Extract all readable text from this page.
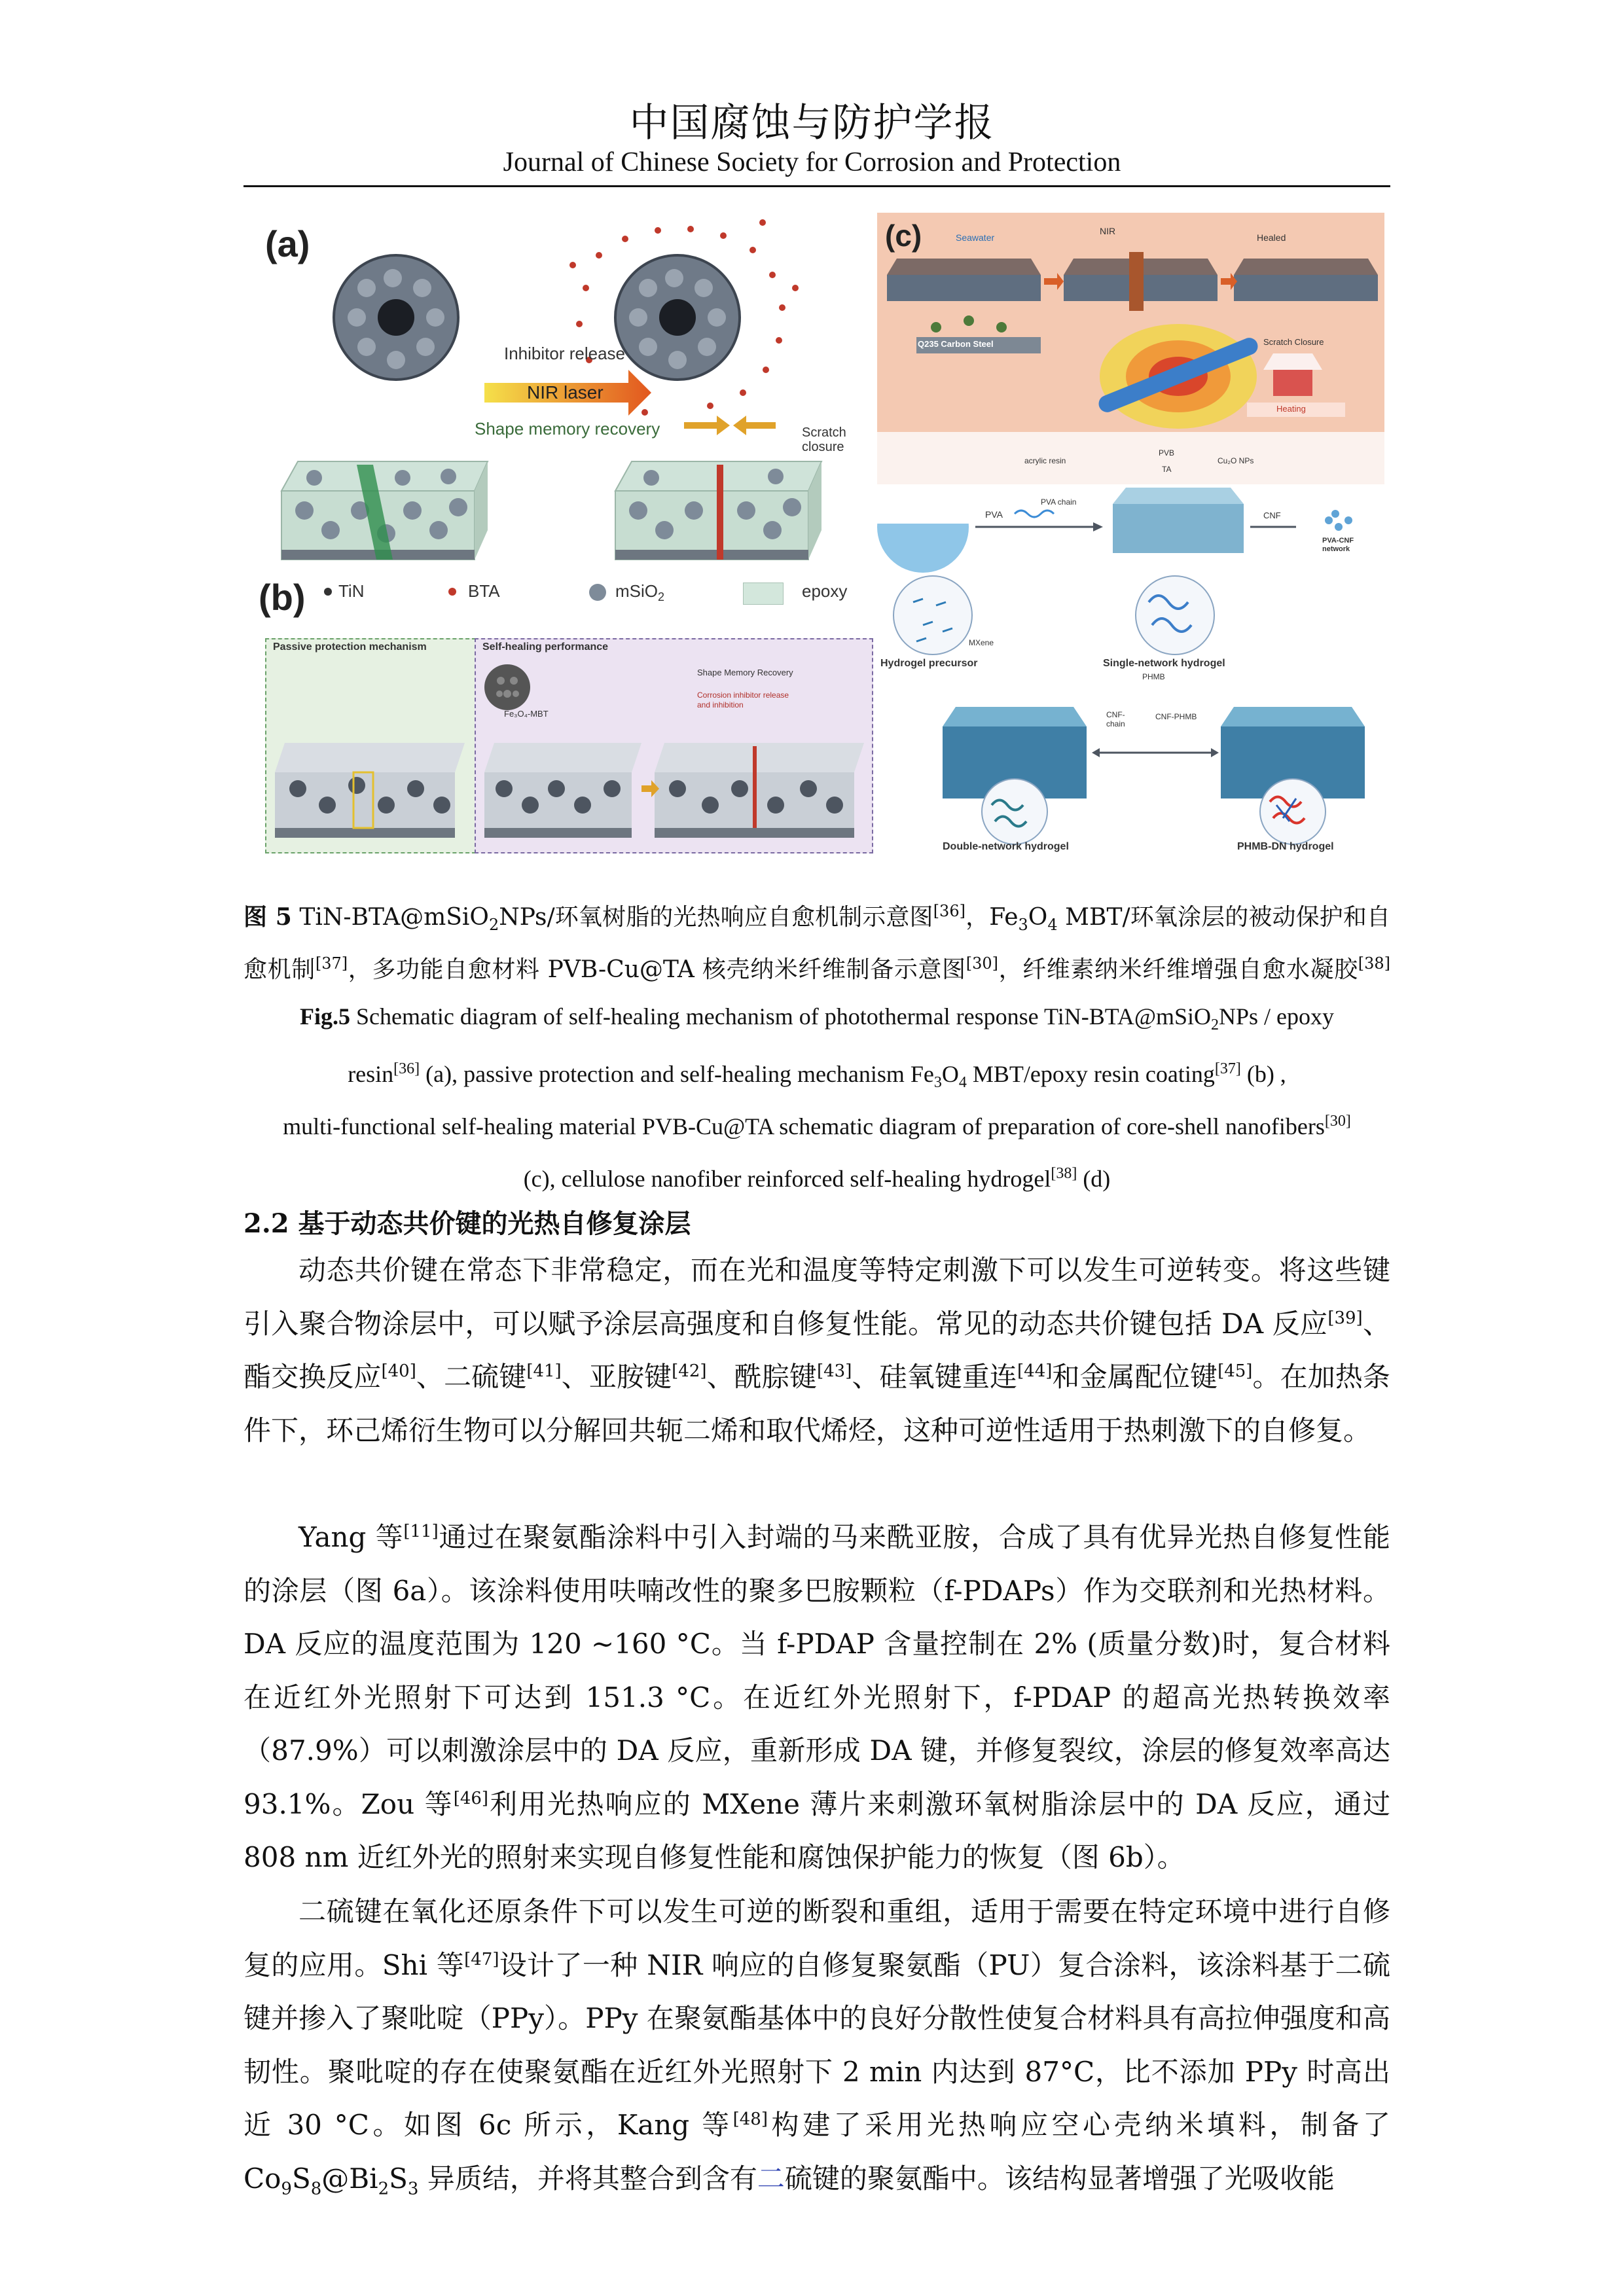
中国腐蚀与防护学报
Journal of Chinese Society for Corrosion and Protection
(a)
Inhibitor release
NIR laser
Shape memory recovery	Scratch closure
(b) TiN	BTA	mSiO$_2$	epoxy
Passive protection mechanism	Self-healing performance
Fe₃O₄-MBT
Shape Memory Recovery
Corrosion inhibitor release and inhibition
(c)	Seawater
NIR
Healed
Q235 Carbon Steel	Scratch Closure
Heating
acrylic resin
PVB
TA
Cu₂O NPs
PVA
PVA chain
CNF
PVA-CNF network
MXene
Hydrogel precursor	Single-network hydrogel
PHMB
CNF-chain
CNF-PHMB
Double-network hydrogel	PHMB-DN hydrogel
图 5 TiN-BTA@mSiO$_2$NPs/环氧树脂的光热响应自愈机制示意图[36]，$Fe_3O_4$ MBT/环氧涂层的被动保护和自
愈机制[37]，多功能自愈材料 PVB-Cu@TA 核壳纳米纤维制备示意图[30]，纤维素纳米纤维增强自愈水凝胶[38]
Fig.5 Schematic diagram of self-healing mechanism of photothermal response TiN-BTA@mSiO$_2$NPs / epoxy
resin[36] (a), passive protection and self-healing mechanism $Fe_3O_4$ MBT/epoxy resin coating[37] (b) ,
multi-functional self-healing material PVB-Cu@TA schematic diagram of preparation of core-shell nanofibers[30]
(c), cellulose nanofiber reinforced self-healing hydrogel[38] (d)
2.2 基于动态共价键的光热自修复涂层
动态共价键在常态下非常稳定，而在光和温度等特定刺激下可以发生可逆转变。将这些键引入聚合物涂层中，可以赋予涂层高强度和自修复性能。常见的动态共价键包括 DA 反应[39]、酯交换反应[40]、二硫键[41]、亚胺键[42]、酰腙键[43]、硅氧键重连[44]和金属配位键[45]。在加热条件下，环己烯衍生物可以分解回共轭二烯和取代烯烃，这种可逆性适用于热刺激下的自修复。
Yang 等[11]通过在聚氨酯涂料中引入封端的马来酰亚胺，合成了具有优异光热自修复性能的涂层（图 6a）。该涂料使用呋喃改性的聚多巴胺颗粒（f-PDAPs）作为交联剂和光热材料。DA 反应的温度范围为 120 ~160 °C。当 f-PDAP 含量控制在 2% (质量分数)时，复合材料在近红外光照射下可达到 151.3 °C。在近红外光照射下，f-PDAP 的超高光热转换效率（87.9%）可以刺激涂层中的 DA 反应，重新形成 DA 键，并修复裂纹，涂层的修复效率高达 93.1%。Zou 等[46]利用光热响应的 MXene 薄片来刺激环氧树脂涂层中的 DA 反应，通过 808 nm 近红外光的照射来实现自修复性能和腐蚀保护能力的恢复（图 6b）。
二硫键在氧化还原条件下可以发生可逆的断裂和重组，适用于需要在特定环境中进行自修复的应用。Shi 等[47]设计了一种 NIR 响应的自修复聚氨酯（PU）复合涂料，该涂料基于二硫键并掺入了聚吡啶（PPy）。PPy 在聚氨酯基体中的良好分散性使复合材料具有高拉伸强度和高韧性。聚吡啶的存在使聚氨酯在近红外光照射下 2 min 内达到 87°C，比不添加 PPy 时高出近 30 °C。如图 6c 所示，Kang 等[48]构建了采用光热响应空心壳纳米填料，制备了 $Co_9S_8@Bi_2S_3$ 异质结，并将其整合到含有二硫键的聚氨酯中。该结构显著增强了光吸收能
